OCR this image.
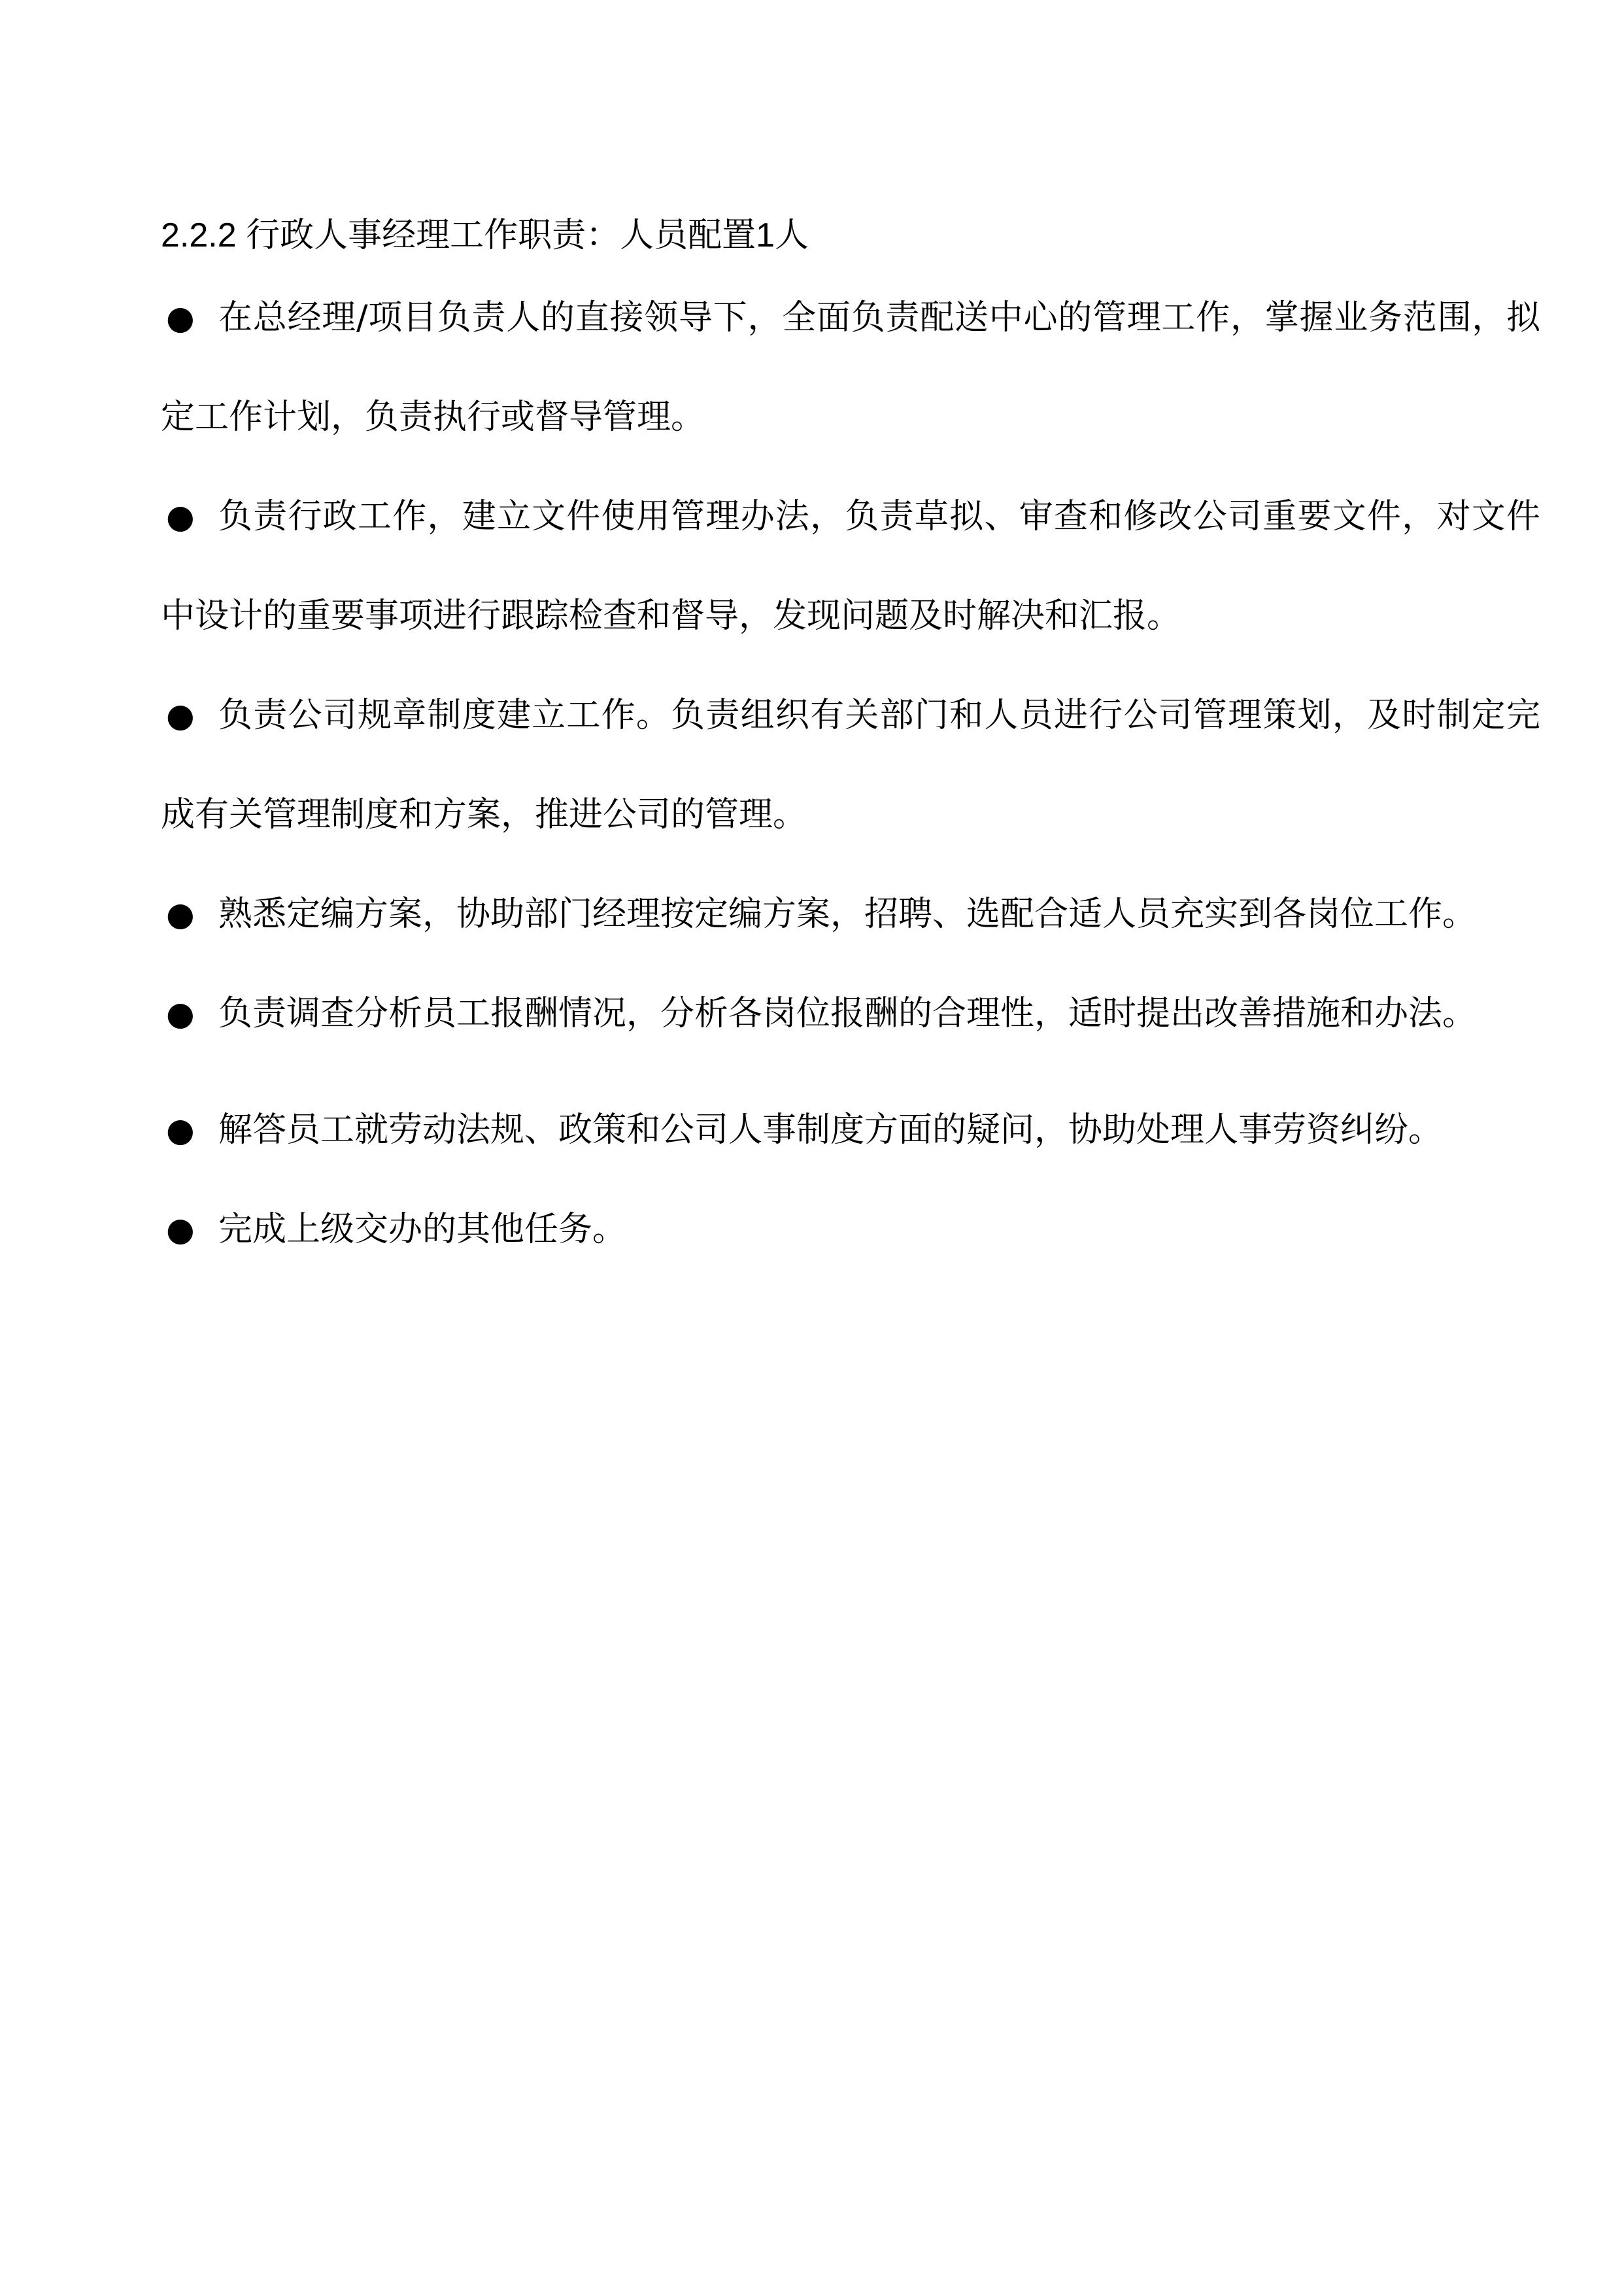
2.2.2 行政人事经理工作职责：人员配置1人
● 在总经理/项目负责人的直接领导下，全面负责配送中心的管理工作，掌握业务范围，拟定工作计划，负责执行或督导管理。
● 负责行政工作，建立文件使用管理办法，负责草拟、审查和修改公司重要文件，对文件中设计的重要事项进行跟踪检查和督导，发现问题及时解决和汇报。
● 负责公司规章制度建立工作。负责组织有关部门和人员进行公司管理策划，及时制定完成有关管理制度和方案，推进公司的管理。
● 熟悉定编方案，协助部门经理按定编方案，招聘、选配合适人员充实到各岗位工作。
● 负责调查分析员工报酬情况，分析各岗位报酬的合理性，适时提出改善措施和办法。
● 解答员工就劳动法规、政策和公司人事制度方面的疑问，协助处理人事劳资纠纷。
● 完成上级交办的其他任务。
